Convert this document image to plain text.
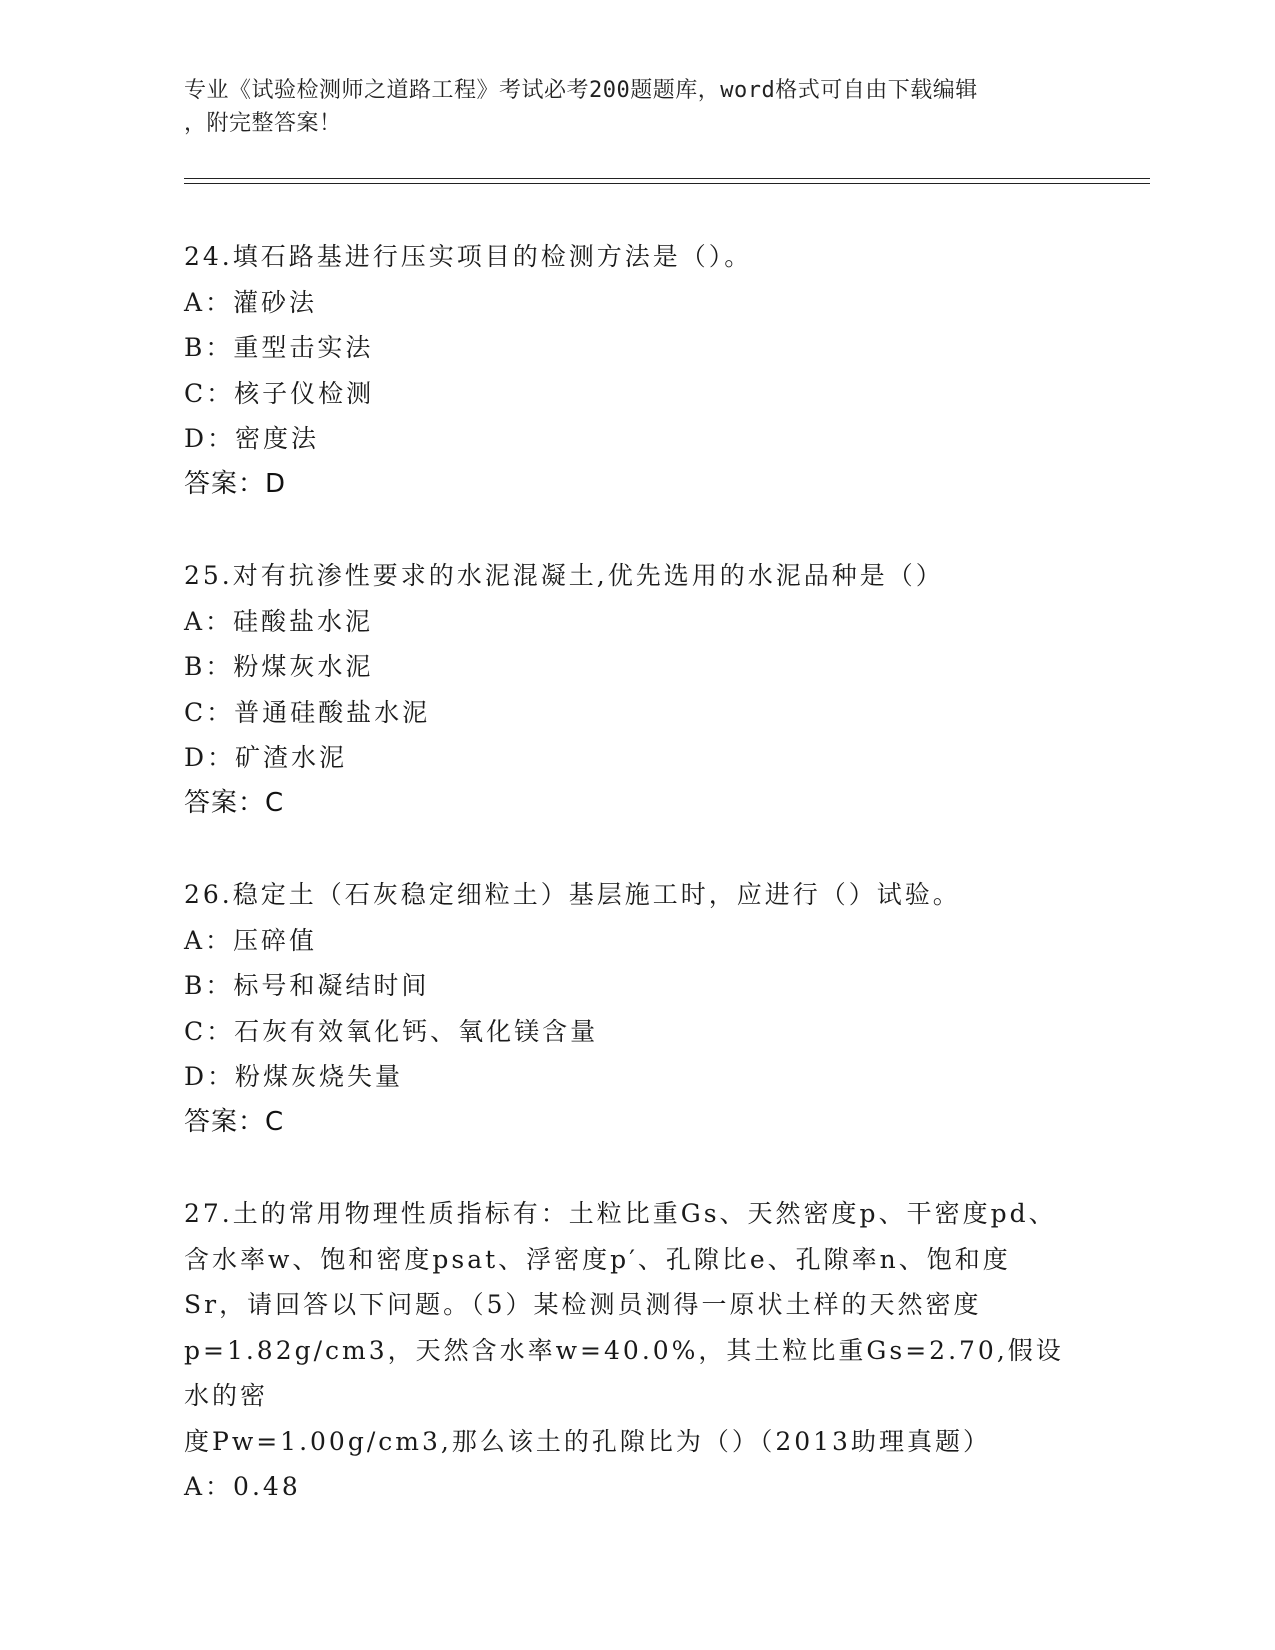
专业《试验检测师之道路工程》考试必考200题题库，word格式可自由下载编辑
，附完整答案！

24.填石路基进行压实项目的检测方法是（）。

A：灌砂法

B：重型击实法

C：核子仪检测

D：密度法

答案：D

25.对有抗渗性要求的水泥混凝土,优先选用的水泥品种是（）

A：硅酸盐水泥

B：粉煤灰水泥

C：普通硅酸盐水泥

D：矿渣水泥

答案：C

26.稳定土（石灰稳定细粒土）基层施工时，应进行（）试验。

A：压碎值

B：标号和凝结时间

C：石灰有效氧化钙、氧化镁含量

D：粉煤灰烧失量

答案：C

27.土的常用物理性质指标有：土粒比重Gs、天然密度p、干密度pd、

含水率w、饱和密度psat、浮密度p′、孔隙比e、孔隙率n、饱和度

Sr，请回答以下问题。（5）某检测员测得一原状土样的天然密度

p=1.82g/cm3，天然含水率w=40.0%，其土粒比重Gs=2.70,假设水的密

度Pw=1.00g/cm3,那么该土的孔隙比为（）（2013助理真题）

A：0.48
